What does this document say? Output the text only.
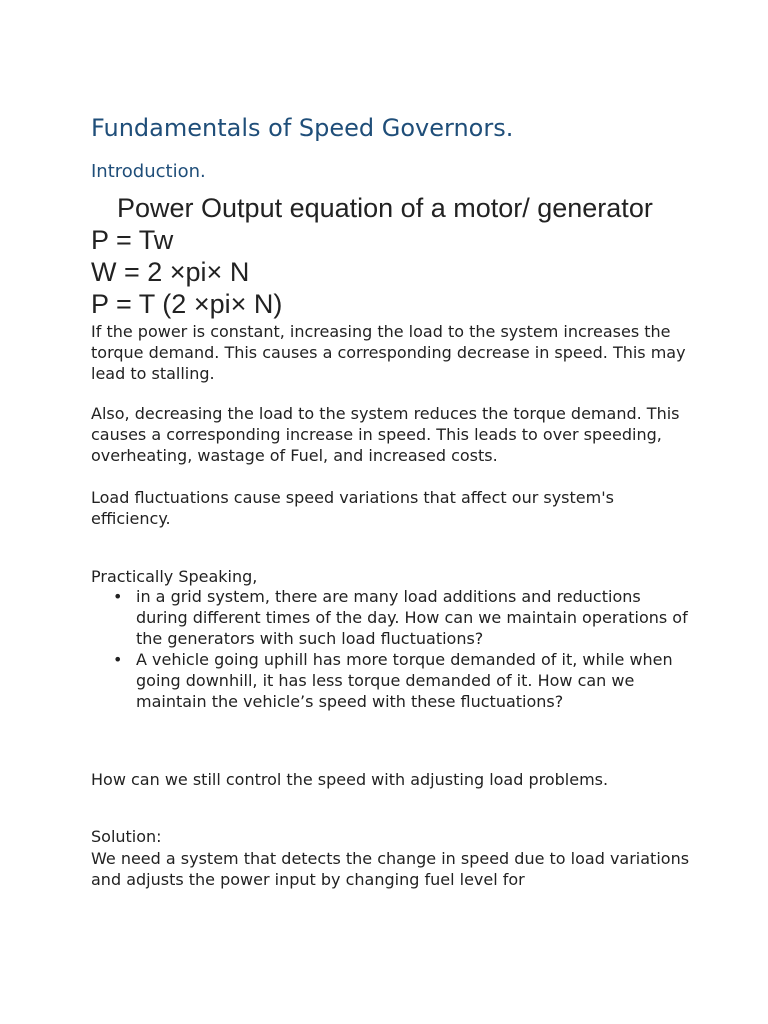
Fundamentals of Speed Governors.
Introduction.
Power Output equation of a motor/ generator
P = Tw
W = 2 ×pi× N
P = T (2 ×pi× N)

If the power is constant, increasing the load to the system increases the torque demand. This causes a corresponding decrease in speed. This may lead to stalling.

Also, decreasing the load to the system reduces the torque demand. This causes a corresponding increase in speed. This leads to over speeding, overheating, wastage of Fuel, and increased costs.

Load fluctuations cause speed variations that affect our system's efficiency.

Practically Speaking,

• in a grid system, there are many load additions and reductions during different times of the day. How can we maintain operations of the generators with such load fluctuations?
• A vehicle going uphill has more torque demanded of it, while when going downhill, it has less torque demanded of it. How can we maintain the vehicle’s speed with these fluctuations?

How can we still control the speed with adjusting load problems.

Solution:

We need a system that detects the change in speed due to load variations and adjusts the power input by changing fuel level for
